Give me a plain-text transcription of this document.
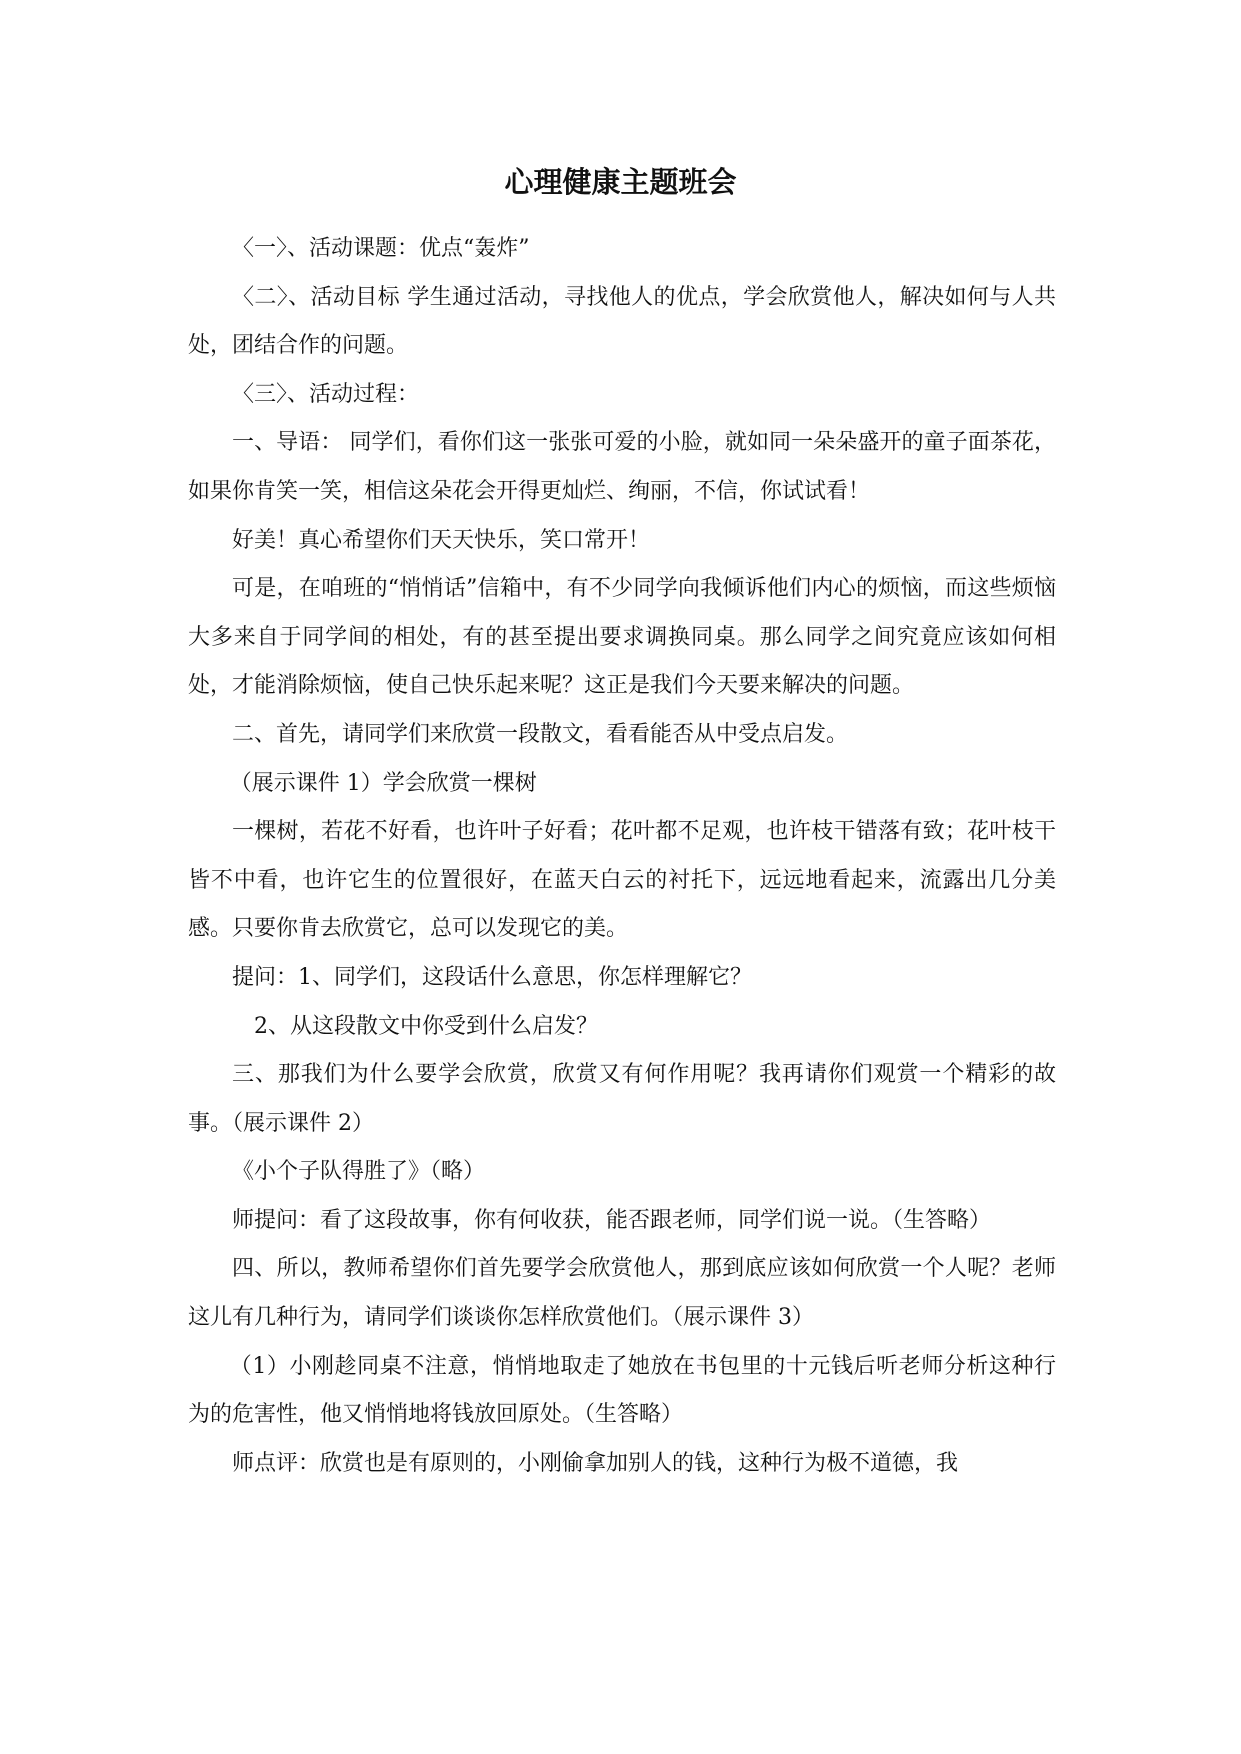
心理健康主题班会

〈一〉、活动课题：优点“轰炸”

〈二〉、活动目标 学生通过活动，寻找他人的优点，学会欣赏他人，解决如何与人共处，团结合作的问题。

〈三〉、活动过程：

一、导语： 同学们，看你们这一张张可爱的小脸，就如同一朵朵盛开的童子面茶花，如果你肯笑一笑，相信这朵花会开得更灿烂、绚丽，不信，你试试看！

好美！真心希望你们天天快乐，笑口常开！

可是，在咱班的“悄悄话”信箱中，有不少同学向我倾诉他们内心的烦恼，而这些烦恼大多来自于同学间的相处，有的甚至提出要求调换同桌。那么同学之间究竟应该如何相处，才能消除烦恼，使自己快乐起来呢？这正是我们今天要来解决的问题。

二、首先，请同学们来欣赏一段散文，看看能否从中受点启发。

（展示课件 1）学会欣赏一棵树

一棵树，若花不好看，也许叶子好看；花叶都不足观，也许枝干错落有致；花叶枝干皆不中看，也许它生的位置很好，在蓝天白云的衬托下，远远地看起来，流露出几分美感。只要你肯去欣赏它，总可以发现它的美。

提问：1、同学们，这段话什么意思，你怎样理解它？

2、从这段散文中你受到什么启发？

三、那我们为什么要学会欣赏，欣赏又有何作用呢？我再请你们观赏一个精彩的故事。（展示课件 2）

《小个子队得胜了》（略）

师提问：看了这段故事，你有何收获，能否跟老师，同学们说一说。（生答略）

四、所以，教师希望你们首先要学会欣赏他人，那到底应该如何欣赏一个人呢？老师这儿有几种行为，请同学们谈谈你怎样欣赏他们。（展示课件 3）

（1）小刚趁同桌不注意，悄悄地取走了她放在书包里的十元钱后听老师分析这种行为的危害性，他又悄悄地将钱放回原处。（生答略）

师点评：欣赏也是有原则的，小刚偷拿加别人的钱，这种行为极不道德，我
